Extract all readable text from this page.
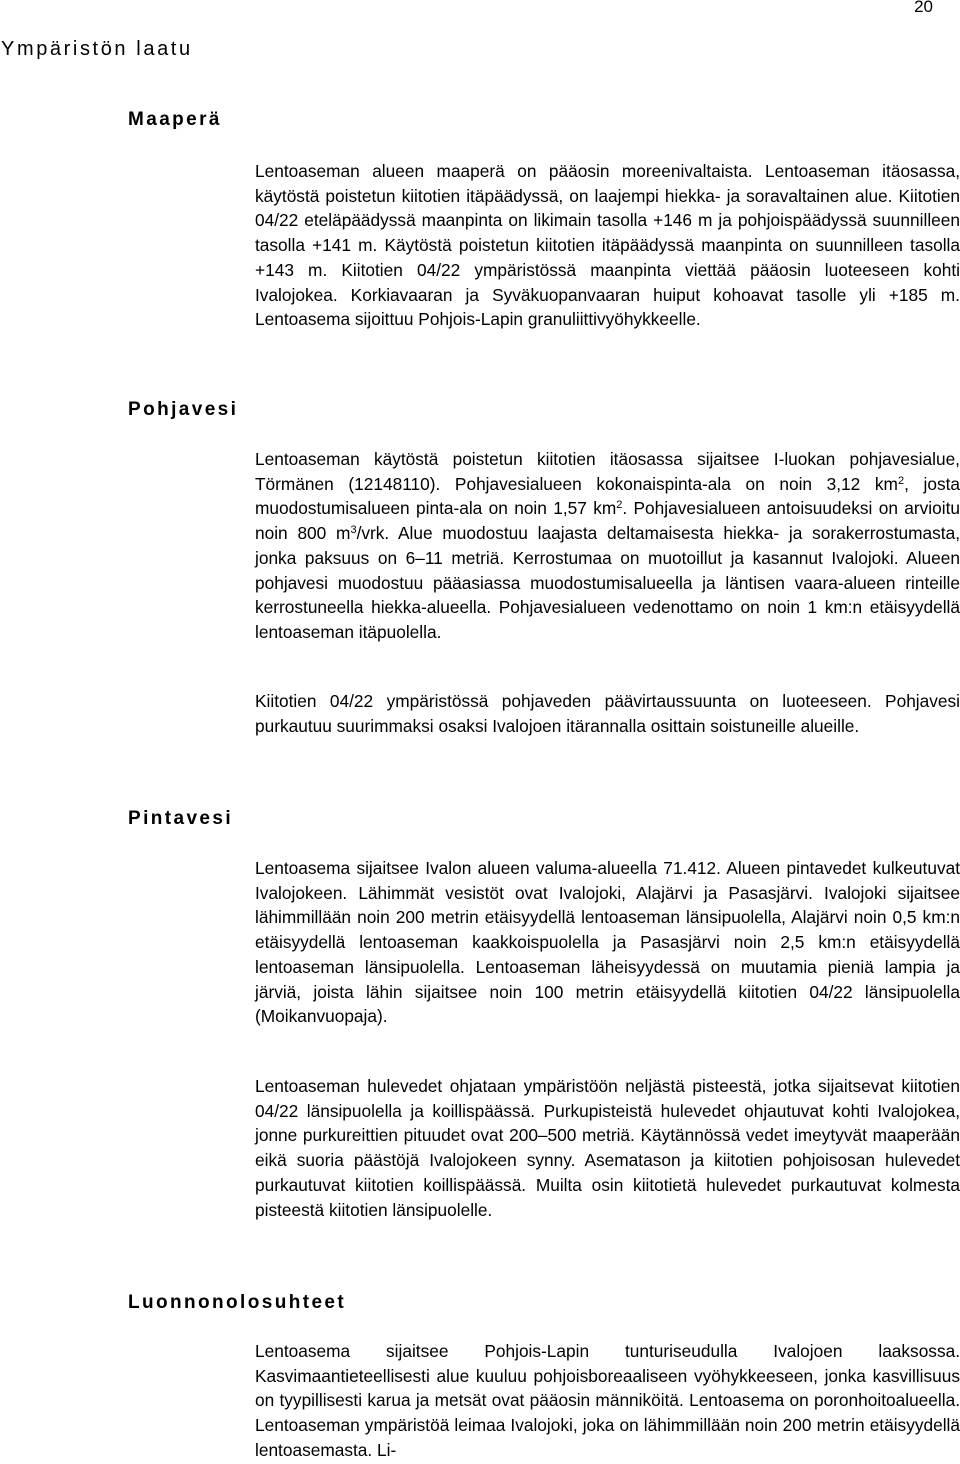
20
Ympäristön laatu
Maaperä
Lentoaseman alueen maaperä on pääosin moreenivaltaista. Lentoaseman itäosassa, käytöstä poistetun kiitotien itäpäädyssä, on laajempi hiekka- ja soravaltainen alue. Kiitotien 04/22 eteläpäädyssä maanpinta on likimain tasolla +146 m ja pohjoispäädyssä suunnilleen tasolla +141 m. Käytöstä poistetun kiitotien itäpäädyssä maanpinta on suunnilleen tasolla +143 m. Kiitotien 04/22 ympäristössä maanpinta viettää pääosin luoteeseen kohti Ivalojokea. Korkiavaaran ja Syväkuopanvaaran huiput kohoavat tasolle yli +185 m. Lentoasema sijoittuu Pohjois-Lapin granuliittivyöhykkeelle.
Pohjavesi
Lentoaseman käytöstä poistetun kiitotien itäosassa sijaitsee I-luokan pohjavesialue, Törmänen (12148110). Pohjavesialueen kokonaispinta-ala on noin 3,12 $km^2$, josta muodostumisalueen pinta-ala on noin 1,57 $km^2$. Pohjavesialueen antoisuudeksi on arvioitu noin 800 $m^3$/vrk. Alue muodostuu laajasta deltamaisesta hiekka- ja sorakerrostumasta, jonka paksuus on 6–11 metriä. Kerrostumaa on muotoillut ja kasannut Ivalojoki. Alueen pohjavesi muodostuu pääasiassa muodostumisalueella ja läntisen vaara-alueen rinteille kerrostuneella hiekka-alueella. Pohjavesialueen vedenottamo on noin 1 km:n etäisyydellä lentoaseman itäpuolella.
Kiitotien 04/22 ympäristössä pohjaveden päävirtaussuunta on luoteeseen. Pohjavesi purkautuu suurimmaksi osaksi Ivalojoen itärannalla osittain soistuneille alueille.
Pintavesi
Lentoasema sijaitsee Ivalon alueen valuma-alueella 71.412. Alueen pintavedet kulkeutuvat Ivalojokeen. Lähimmät vesistöt ovat Ivalojoki, Alajärvi ja Pasasjärvi. Ivalojoki sijaitsee lähimmillään noin 200 metrin etäisyydellä lentoaseman länsipuolella, Alajärvi noin 0,5 km:n etäisyydellä lentoaseman kaakkoispuolella ja Pasasjärvi noin 2,5 km:n etäisyydellä lentoaseman länsipuolella. Lentoaseman läheisyydessä on muutamia pieniä lampia ja järviä, joista lähin sijaitsee noin 100 metrin etäisyydellä kiitotien 04/22 länsipuolella (Moikanvuopaja).
Lentoaseman hulevedet ohjataan ympäristöön neljästä pisteestä, jotka sijaitsevat kiitotien 04/22 länsipuolella ja koillispäässä. Purkupisteistä hulevedet ohjautuvat kohti Ivalojokea, jonne purkureittien pituudet ovat 200–500 metriä. Käytännössä vedet imeytyvät maaperään eikä suoria päästöjä Ivalojokeen synny. Asematason ja kiitotien pohjoisosan hulevedet purkautuvat kiitotien koillispäässä. Muilta osin kiitotietä hulevedet purkautuvat kolmesta pisteestä kiitotien länsipuolelle.
Luonnonolosuhteet
Lentoasema sijaitsee Pohjois-Lapin tunturiseudulla Ivalojoen laaksossa. Kasvimaantieteellisesti alue kuuluu pohjoisboreaaliseen vyöhykkeeseen, jonka kasvillisuus on tyypillisesti karua ja metsät ovat pääosin männiköitä. Lentoasema on poronhoitoalueella. Lentoaseman ympäristöä leimaa Ivalojoki, joka on lähimmillään noin 200 metrin etäisyydellä lentoasemasta. Li-
